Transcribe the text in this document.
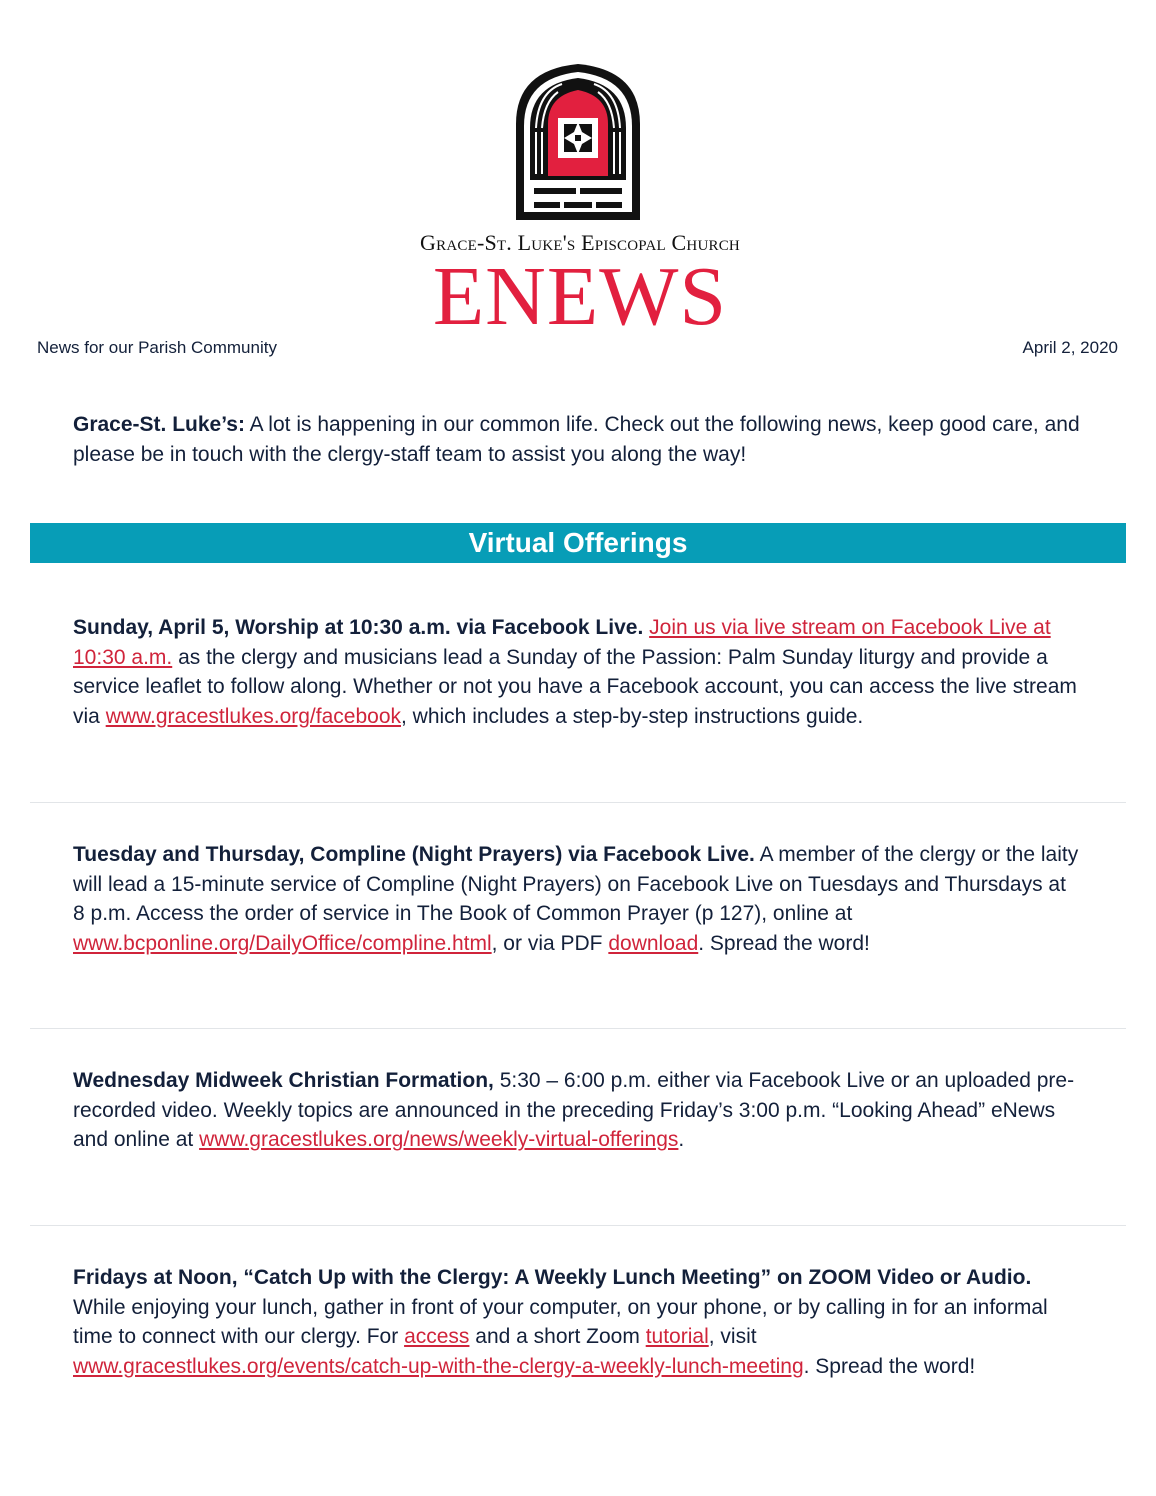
Grace-St. Luke's Episcopal Church
ENEWS
News for our Parish Community	April 2, 2020
Grace-St. Luke’s: A lot is happening in our common life. Check out the following news, keep good care, and please be in touch with the clergy-staff team to assist you along the way!
Virtual Offerings
Sunday, April 5, Worship at 10:30 a.m. via Facebook Live. Join us via live stream on Facebook Live at 10:30 a.m. as the clergy and musicians lead a Sunday of the Passion: Palm Sunday liturgy and provide a service leaflet to follow along. Whether or not you have a Facebook account, you can access the live stream via www.gracestlukes.org/facebook, which includes a step-by-step instructions guide.
Tuesday and Thursday, Compline (Night Prayers) via Facebook Live. A member of the clergy or the laity will lead a 15-minute service of Compline (Night Prayers) on Facebook Live on Tuesdays and Thursdays at 8 p.m. Access the order of service in The Book of Common Prayer (p 127), online at www.bcponline.org/DailyOffice/compline.html, or via PDF download. Spread the word!
Wednesday Midweek Christian Formation, 5:30 – 6:00 p.m. either via Facebook Live or an uploaded pre-recorded video. Weekly topics are announced in the preceding Friday’s 3:00 p.m. “Looking Ahead” eNews and online at www.gracestlukes.org/news/weekly-virtual-offerings.
Fridays at Noon, “Catch Up with the Clergy: A Weekly Lunch Meeting” on ZOOM Video or Audio. While enjoying your lunch, gather in front of your computer, on your phone, or by calling in for an informal time to connect with our clergy. For access and a short Zoom tutorial, visit www.gracestlukes.org/events/catch-up-with-the-clergy-a-weekly-lunch-meeting. Spread the word!
